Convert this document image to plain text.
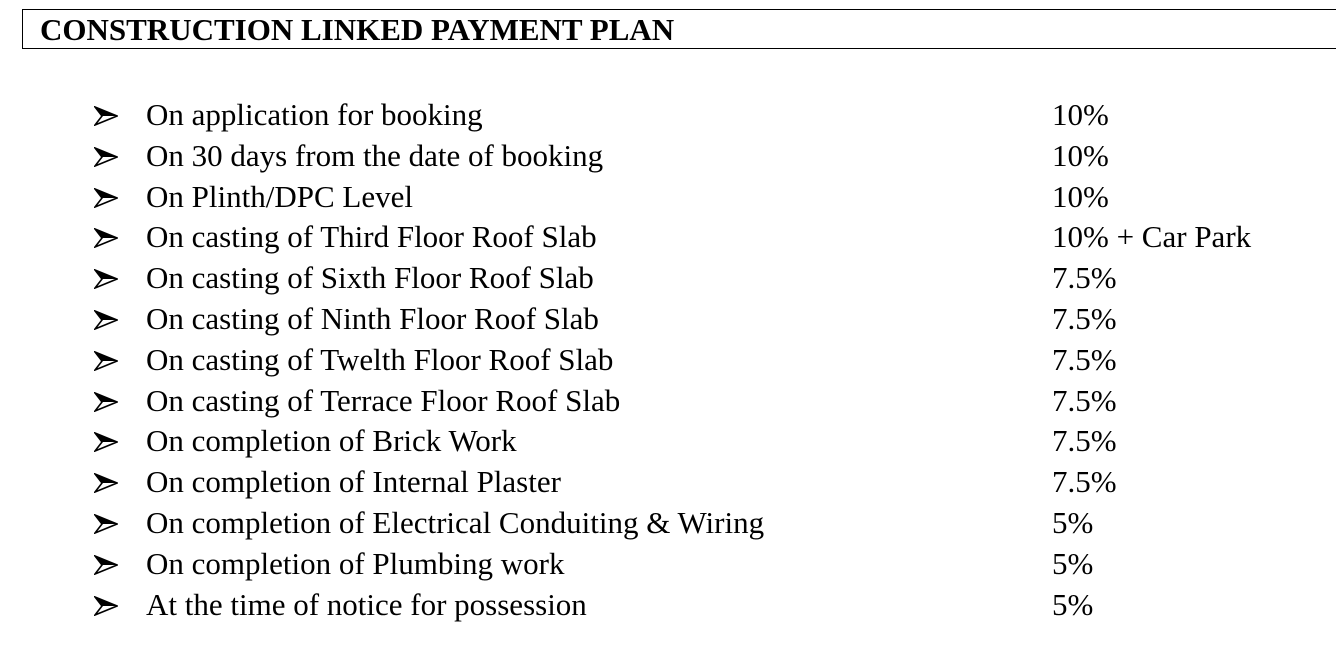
CONSTRUCTION LINKED PAYMENT PLAN
On application for booking	10%
On 30 days from the date of booking	10%
On Plinth/DPC Level	10%
On casting of Third Floor Roof Slab	10% + Car Park
On casting of Sixth Floor Roof Slab	7.5%
On casting of Ninth Floor Roof Slab	7.5%
On casting of Twelth Floor Roof Slab	7.5%
On casting of Terrace Floor Roof Slab	7.5%
On completion of Brick Work	7.5%
On completion of Internal Plaster	7.5%
On completion of Electrical Conduiting & Wiring	5%
On completion of Plumbing work	5%
At the time of notice for possession	5%
